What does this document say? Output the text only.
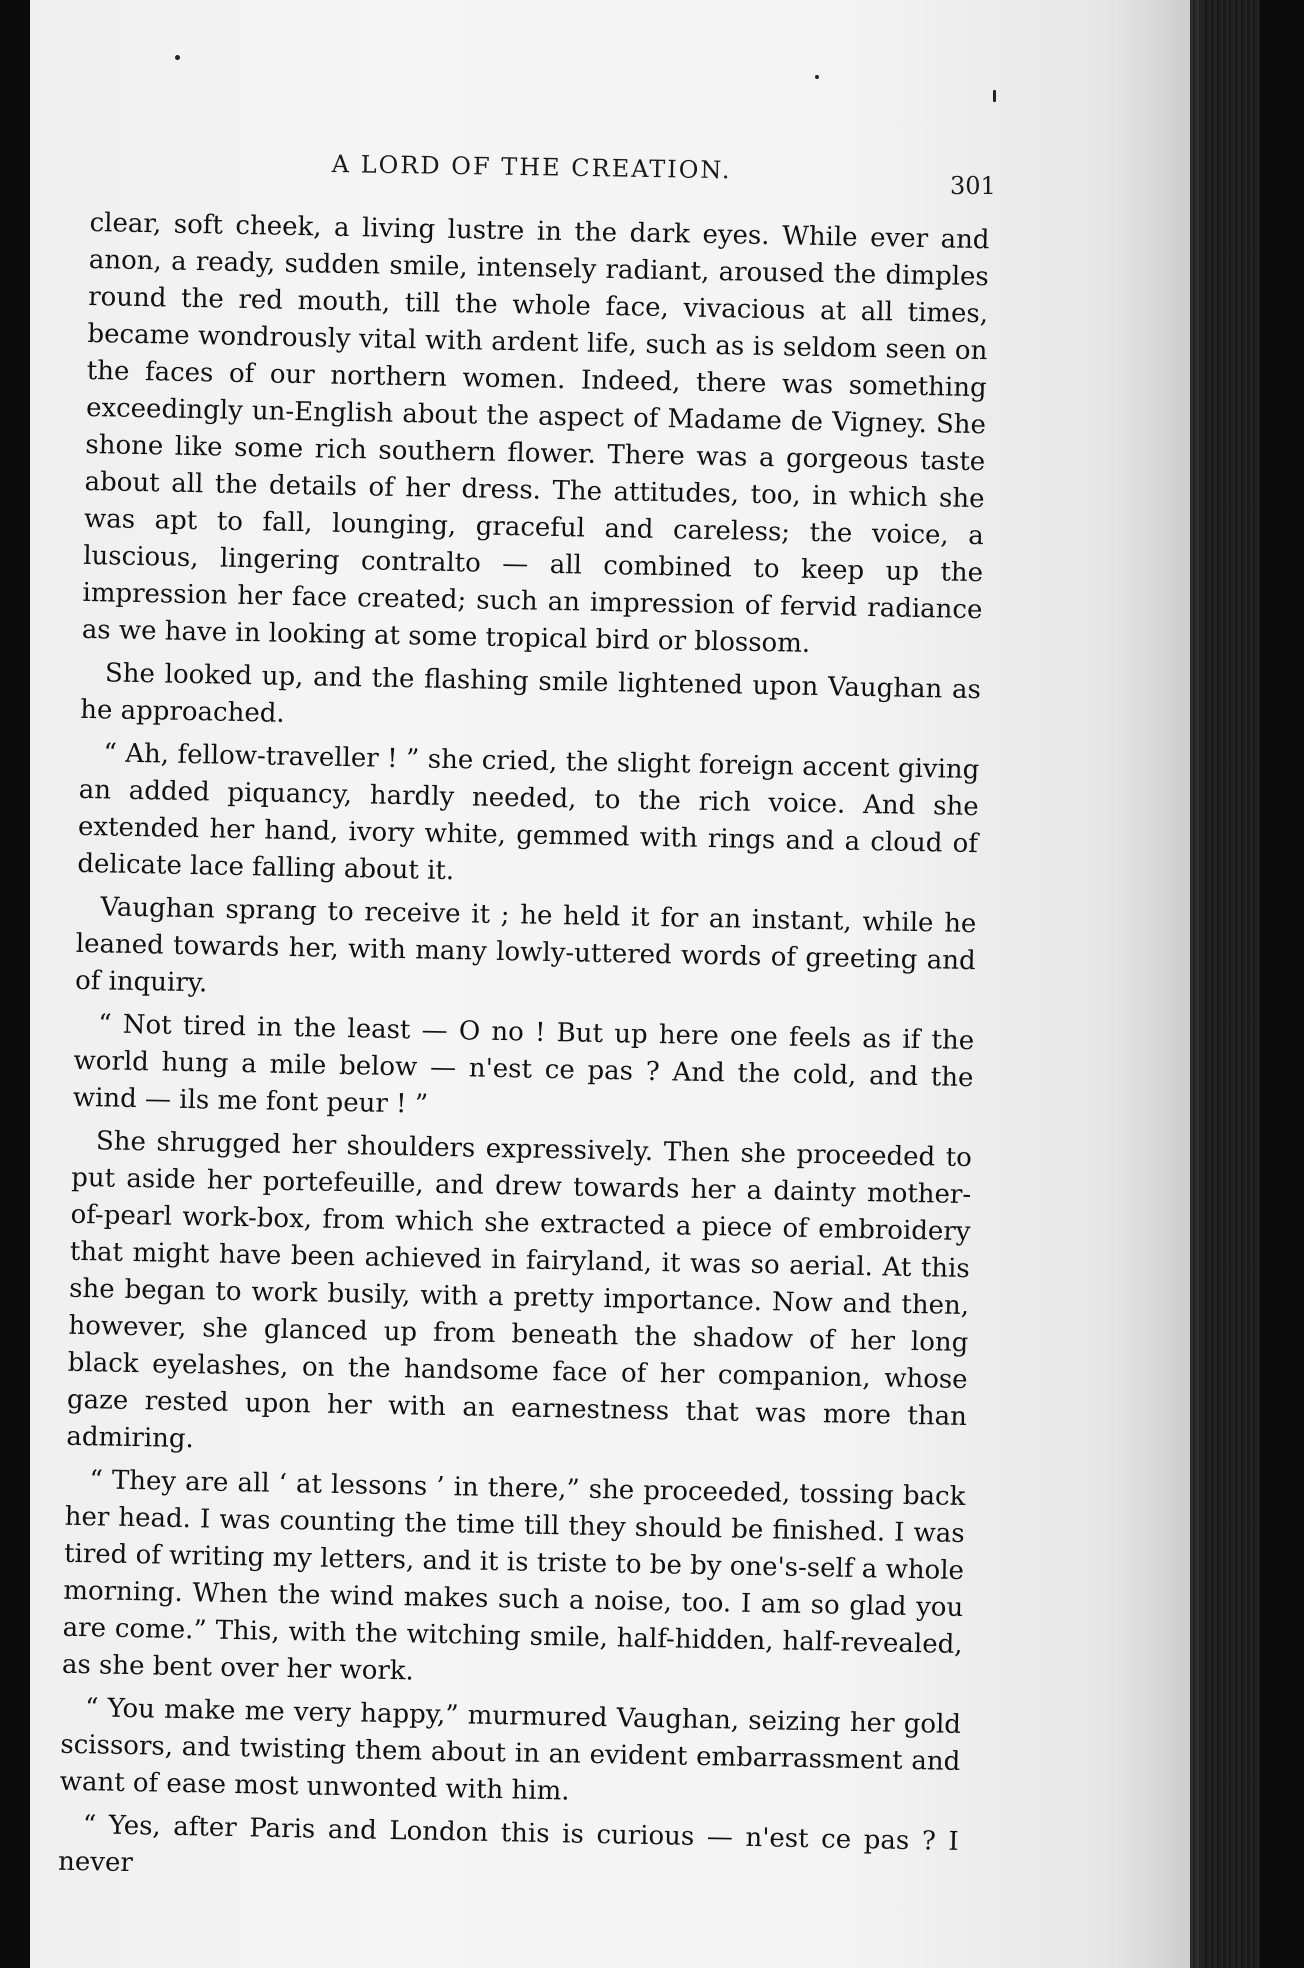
A LORD OF THE CREATION.
301

clear, soft cheek, a living lustre in the dark eyes. While ever and anon, a ready, sudden smile, intensely radiant, aroused the dimples round the red mouth, till the whole face, vivacious at all times, became wondrously vital with ardent life, such as is seldom seen on the faces of our northern women. Indeed, there was something exceedingly un-English about the aspect of Madame de Vigney. She shone like some rich southern flower. There was a gorgeous taste about all the details of her dress. The attitudes, too, in which she was apt to fall, lounging, graceful and careless; the voice, a luscious, lingering contralto — all combined to keep up the impression her face created; such an impression of fervid radiance as we have in looking at some tropical bird or blossom.

She looked up, and the flashing smile lightened upon Vaughan as he approached.

“ Ah, fellow-traveller ! ” she cried, the slight foreign accent giving an added piquancy, hardly needed, to the rich voice. And she extended her hand, ivory white, gemmed with rings and a cloud of delicate lace falling about it.

Vaughan sprang to receive it ; he held it for an instant, while he leaned towards her, with many lowly-uttered words of greeting and of inquiry.

“ Not tired in the least — O no ! But up here one feels as if the world hung a mile below — n'est ce pas ? And the cold, and the wind — ils me font peur ! ”

She shrugged her shoulders expressively. Then she proceeded to put aside her portefeuille, and drew towards her a dainty mother-of-pearl work-box, from which she extracted a piece of embroidery that might have been achieved in fairyland, it was so aerial. At this she began to work busily, with a pretty importance. Now and then, however, she glanced up from beneath the shadow of her long black eyelashes, on the handsome face of her companion, whose gaze rested upon her with an earnestness that was more than admiring.

“ They are all ‘ at lessons ’ in there,” she proceeded, tossing back her head. I was counting the time till they should be finished. I was tired of writing my letters, and it is triste to be by one's-self a whole morning. When the wind makes such a noise, too. I am so glad you are come.” This, with the witching smile, half-hidden, half-revealed, as she bent over her work.

“ You make me very happy,” murmured Vaughan, seizing her gold scissors, and twisting them about in an evident embarrassment and want of ease most unwonted with him.

“ Yes, after Paris and London this is curious — n'est ce pas ? I never
